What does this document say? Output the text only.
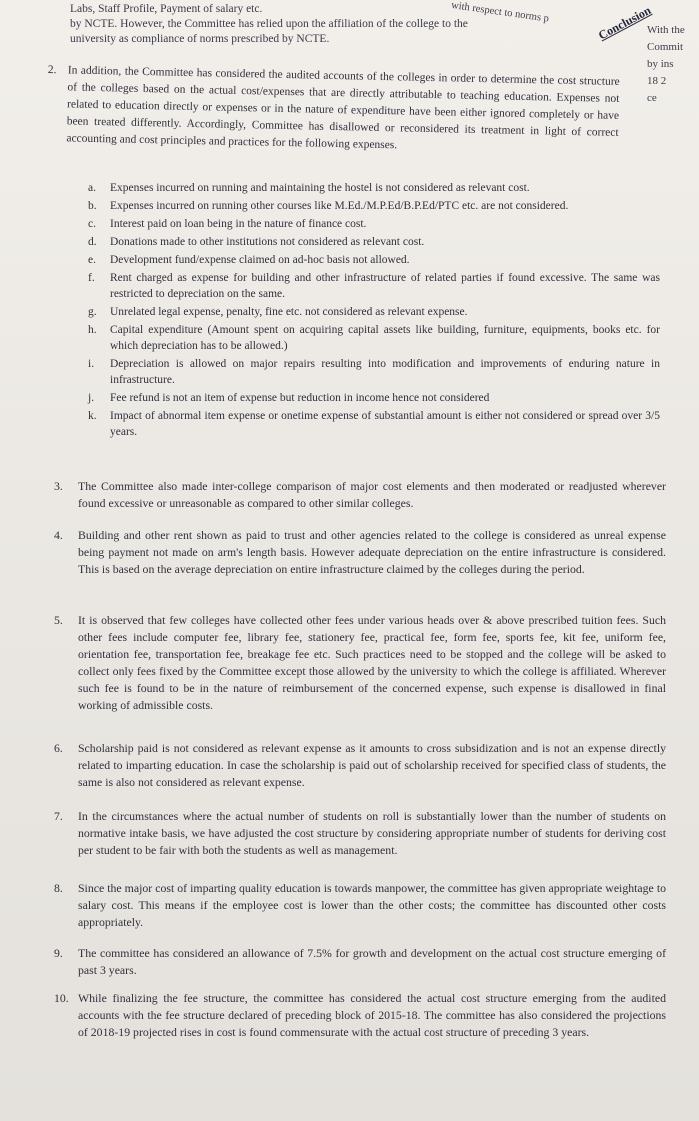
Labs, Staff Profile, Payment of salary etc.
by NCTE. However, the Committee has relied upon the affiliation of the college to the
university as compliance of norms prescribed by NCTE.
with respect to norms p	Conclusion
With the
Commit
by ins
18 2
ce
2. In addition, the Committee has considered the audited accounts of the colleges in order to determine the cost structure of the colleges based on the actual cost/expenses that are directly attributable to teaching education. Expenses not related to education directly or expenses or in the nature of expenditure have been either ignored completely or have been treated differently. Accordingly, Committee has disallowed or reconsidered its treatment in light of correct accounting and cost principles and practices for the following expenses.
a. Expenses incurred on running and maintaining the hostel is not considered as relevant cost.
b. Expenses incurred on running other courses like M.Ed./M.P.Ed/B.P.Ed/PTC etc. are not considered.
c. Interest paid on loan being in the nature of finance cost.
d. Donations made to other institutions not considered as relevant cost.
e. Development fund/expense claimed on ad-hoc basis not allowed.
f. Rent charged as expense for building and other infrastructure of related parties if found excessive. The same was restricted to depreciation on the same.
g. Unrelated legal expense, penalty, fine etc. not considered as relevant expense.
h. Capital expenditure (Amount spent on acquiring capital assets like building, furniture, equipments, books etc. for which depreciation has to be allowed.)
i. Depreciation is allowed on major repairs resulting into modification and improvements of enduring nature in infrastructure.
j. Fee refund is not an item of expense but reduction in income hence not considered
k. Impact of abnormal item expense or onetime expense of substantial amount is either not considered or spread over 3/5 years.
3. The Committee also made inter-college comparison of major cost elements and then moderated or readjusted wherever found excessive or unreasonable as compared to other similar colleges.
4. Building and other rent shown as paid to trust and other agencies related to the college is considered as unreal expense being payment not made on arm's length basis. However adequate depreciation on the entire infrastructure is considered. This is based on the average depreciation on entire infrastructure claimed by the colleges during the period.
5. It is observed that few colleges have collected other fees under various heads over & above prescribed tuition fees. Such other fees include computer fee, library fee, stationery fee, practical fee, form fee, sports fee, kit fee, uniform fee, orientation fee, transportation fee, breakage fee etc. Such practices need to be stopped and the college will be asked to collect only fees fixed by the Committee except those allowed by the university to which the college is affiliated. Wherever such fee is found to be in the nature of reimbursement of the concerned expense, such expense is disallowed in final working of admissible costs.
6. Scholarship paid is not considered as relevant expense as it amounts to cross subsidization and is not an expense directly related to imparting education. In case the scholarship is paid out of scholarship received for specified class of students, the same is also not considered as relevant expense.
7. In the circumstances where the actual number of students on roll is substantially lower than the number of students on normative intake basis, we have adjusted the cost structure by considering appropriate number of students for deriving cost per student to be fair with both the students as well as management.
8. Since the major cost of imparting quality education is towards manpower, the committee has given appropriate weightage to salary cost. This means if the employee cost is lower than the other costs; the committee has discounted other costs appropriately.
9. The committee has considered an allowance of 7.5% for growth and development on the actual cost structure emerging of past 3 years.
10. While finalizing the fee structure, the committee has considered the actual cost structure emerging from the audited accounts with the fee structure declared of preceding block of 2015-18. The committee has also considered the projections of 2018-19 projected rises in cost is found commensurate with the actual cost structure of preceding 3 years.
